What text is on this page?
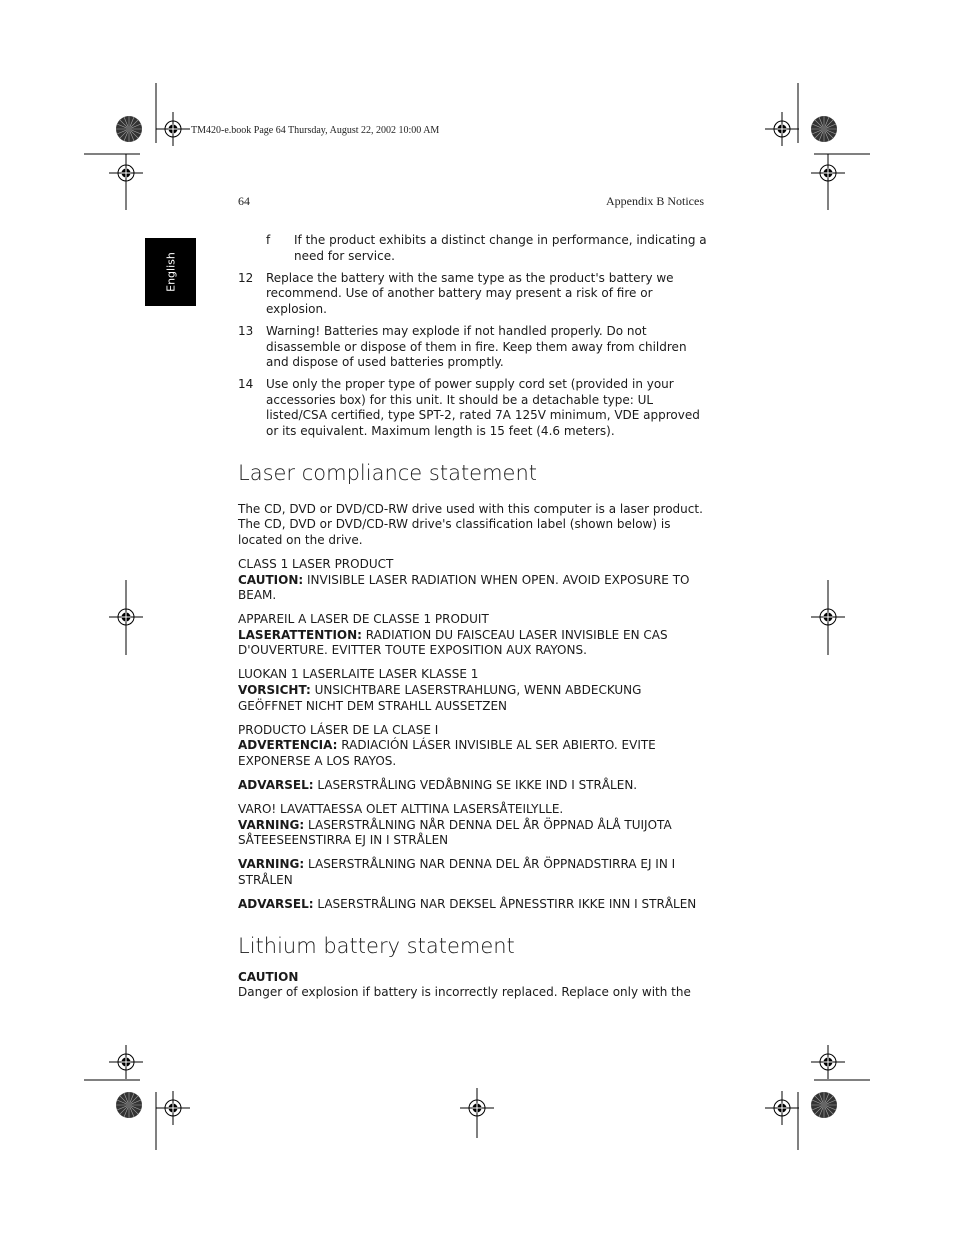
TM420-e.book Page 64 Thursday, August 22, 2002 10:00 AM
64	Appendix B Notices
English
f	If the product exhibits a distinct change in performance, indicating a need for service.
12	Replace the battery with the same type as the product's battery we recommend. Use of another battery may present a risk of fire or explosion.
13	Warning! Batteries may explode if not handled properly. Do not disassemble or dispose of them in fire. Keep them away from children and dispose of used batteries promptly.
14	Use only the proper type of power supply cord set (provided in your accessories box) for this unit. It should be a detachable type: UL listed/CSA certified, type SPT-2, rated 7A 125V minimum, VDE approved or its equivalent. Maximum length is 15 feet (4.6 meters).
Laser compliance statement

The CD, DVD or DVD/CD-RW drive used with this computer is a laser product. The CD, DVD or DVD/CD-RW drive's classification label (shown below) is located on the drive.

CLASS 1 LASER PRODUCT
CAUTION: INVISIBLE LASER RADIATION WHEN OPEN. AVOID EXPOSURE TO BEAM.

APPAREIL A LASER DE CLASSE 1 PRODUIT
LASERATTENTION: RADIATION DU FAISCEAU LASER INVISIBLE EN CAS D'OUVERTURE. EVITTER TOUTE EXPOSITION AUX RAYONS.

LUOKAN 1 LASERLAITE LASER KLASSE 1
VORSICHT: UNSICHTBARE LASERSTRAHLUNG, WENN ABDECKUNG GEÖFFNET NICHT DEM STRAHLL AUSSETZEN

PRODUCTO LÁSER DE LA CLASE I
ADVERTENCIA: RADIACIÓN LÁSER INVISIBLE AL SER ABIERTO. EVITE EXPONERSE A LOS RAYOS.

ADVARSEL: LASERSTRÅLING VEDÅBNING SE IKKE IND I STRÅLEN.

VARO! LAVATTAESSA OLET ALTTINA LASERSÅTEILYLLE.
VARNING: LASERSTRÅLNING NÅR DENNA DEL ÅR ÖPPNAD ÅLÅ TUIJOTA SÅTEESEENSTIRRA EJ IN I STRÅLEN

VARNING: LASERSTRÅLNING NAR DENNA DEL ÅR ÖPPNADSTIRRA EJ IN I STRÅLEN

ADVARSEL: LASERSTRÅLING NAR DEKSEL ÅPNESSTIRR IKKE INN I STRÅLEN

Lithium battery statement

CAUTION
Danger of explosion if battery is incorrectly replaced. Replace only with the
